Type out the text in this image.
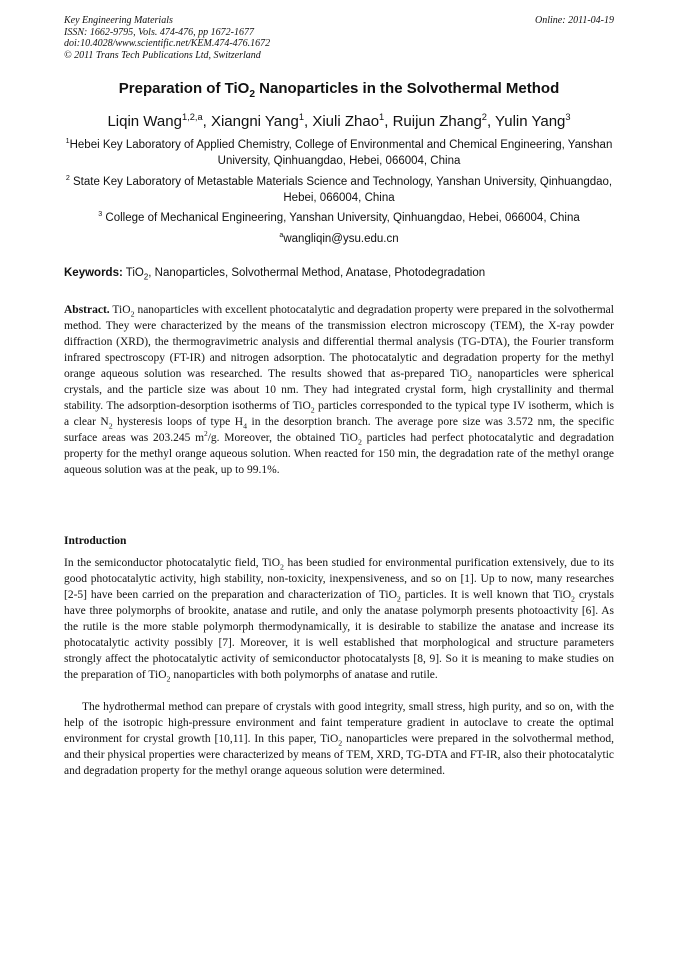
Key Engineering Materials
ISSN: 1662-9795, Vols. 474-476, pp 1672-1677
doi:10.4028/www.scientific.net/KEM.474-476.1672
© 2011 Trans Tech Publications Ltd, Switzerland
Online: 2011-04-19
Preparation of TiO$_2$ Nanoparticles in the Solvothermal Method
Liqin Wang$^{1,2,a}$, Xiangni Yang$^1$, Xiuli Zhao$^1$, Ruijun Zhang$^2$, Yulin Yang$^3$
$^1$Hebei Key Laboratory of Applied Chemistry, College of Environmental and Chemical Engineering, Yanshan University, Qinhuangdao, Hebei, 066004, China
$^2$ State Key Laboratory of Metastable Materials Science and Technology, Yanshan University, Qinhuangdao, Hebei, 066004, China
$^3$ College of Mechanical Engineering, Yanshan University, Qinhuangdao, Hebei, 066004, China
$^a$wangliqin@ysu.edu.cn
Keywords: TiO$_2$, Nanoparticles, Solvothermal Method, Anatase, Photodegradation
Abstract. TiO$_2$ nanoparticles with excellent photocatalytic and degradation property were prepared in the solvothermal method. They were characterized by the means of the transmission electron microscopy (TEM), the X-ray powder diffraction (XRD), the thermogravimetric analysis and differential thermal analysis (TG-DTA), the Fourier transform infrared spectroscopy (FT-IR) and nitrogen adsorption. The photocatalytic and degradation property for the methyl orange aqueous solution was researched. The results showed that as-prepared TiO$_2$ nanoparticles were spherical crystals, and the particle size was about 10 nm. They had integrated crystal form, high crystallinity and thermal stability. The adsorption-desorption isotherms of TiO$_2$ particles corresponded to the typical type IV isotherm, which is a clear $N_2$ hysteresis loops of type $H_4$ in the desorption branch. The average pore size was 3.572 nm, the specific surface areas was 203.245 $m^2/g$. Moreover, the obtained TiO$_2$ particles had perfect photocatalytic and degradation property for the methyl orange aqueous solution. When reacted for 150 min, the degradation rate of the methyl orange aqueous solution was at the peak, up to 99.1%.
Introduction
In the semiconductor photocatalytic field, TiO$_2$ has been studied for environmental purification extensively, due to its good photocatalytic activity, high stability, non-toxicity, inexpensiveness, and so on [1]. Up to now, many researches [2-5] have been carried on the preparation and characterization of TiO$_2$ particles. It is well known that TiO$_2$ crystals have three polymorphs of brookite, anatase and rutile, and only the anatase polymorph presents photoactivity [6]. As the rutile is the more stable polymorph thermodynamically, it is desirable to stabilize the anatase and increase its photocatalytic activity possibly [7]. Moreover, it is well established that morphological and structure parameters strongly affect the photocatalytic activity of semiconductor photocatalysts [8, 9]. So it is meaning to make studies on the preparation of TiO$_2$ nanoparticles with both polymorphs of anatase and rutile.
The hydrothermal method can prepare of crystals with good integrity, small stress, high purity, and so on, with the help of the isotropic high-pressure environment and faint temperature gradient in autoclave to create the optimal environment for crystal growth [10,11]. In this paper, TiO$_2$ nanoparticles were prepared in the solvothermal method, and their physical properties were characterized by means of TEM, XRD, TG-DTA and FT-IR, also their photocatalytic and degradation property for the methyl orange aqueous solution were determined.
